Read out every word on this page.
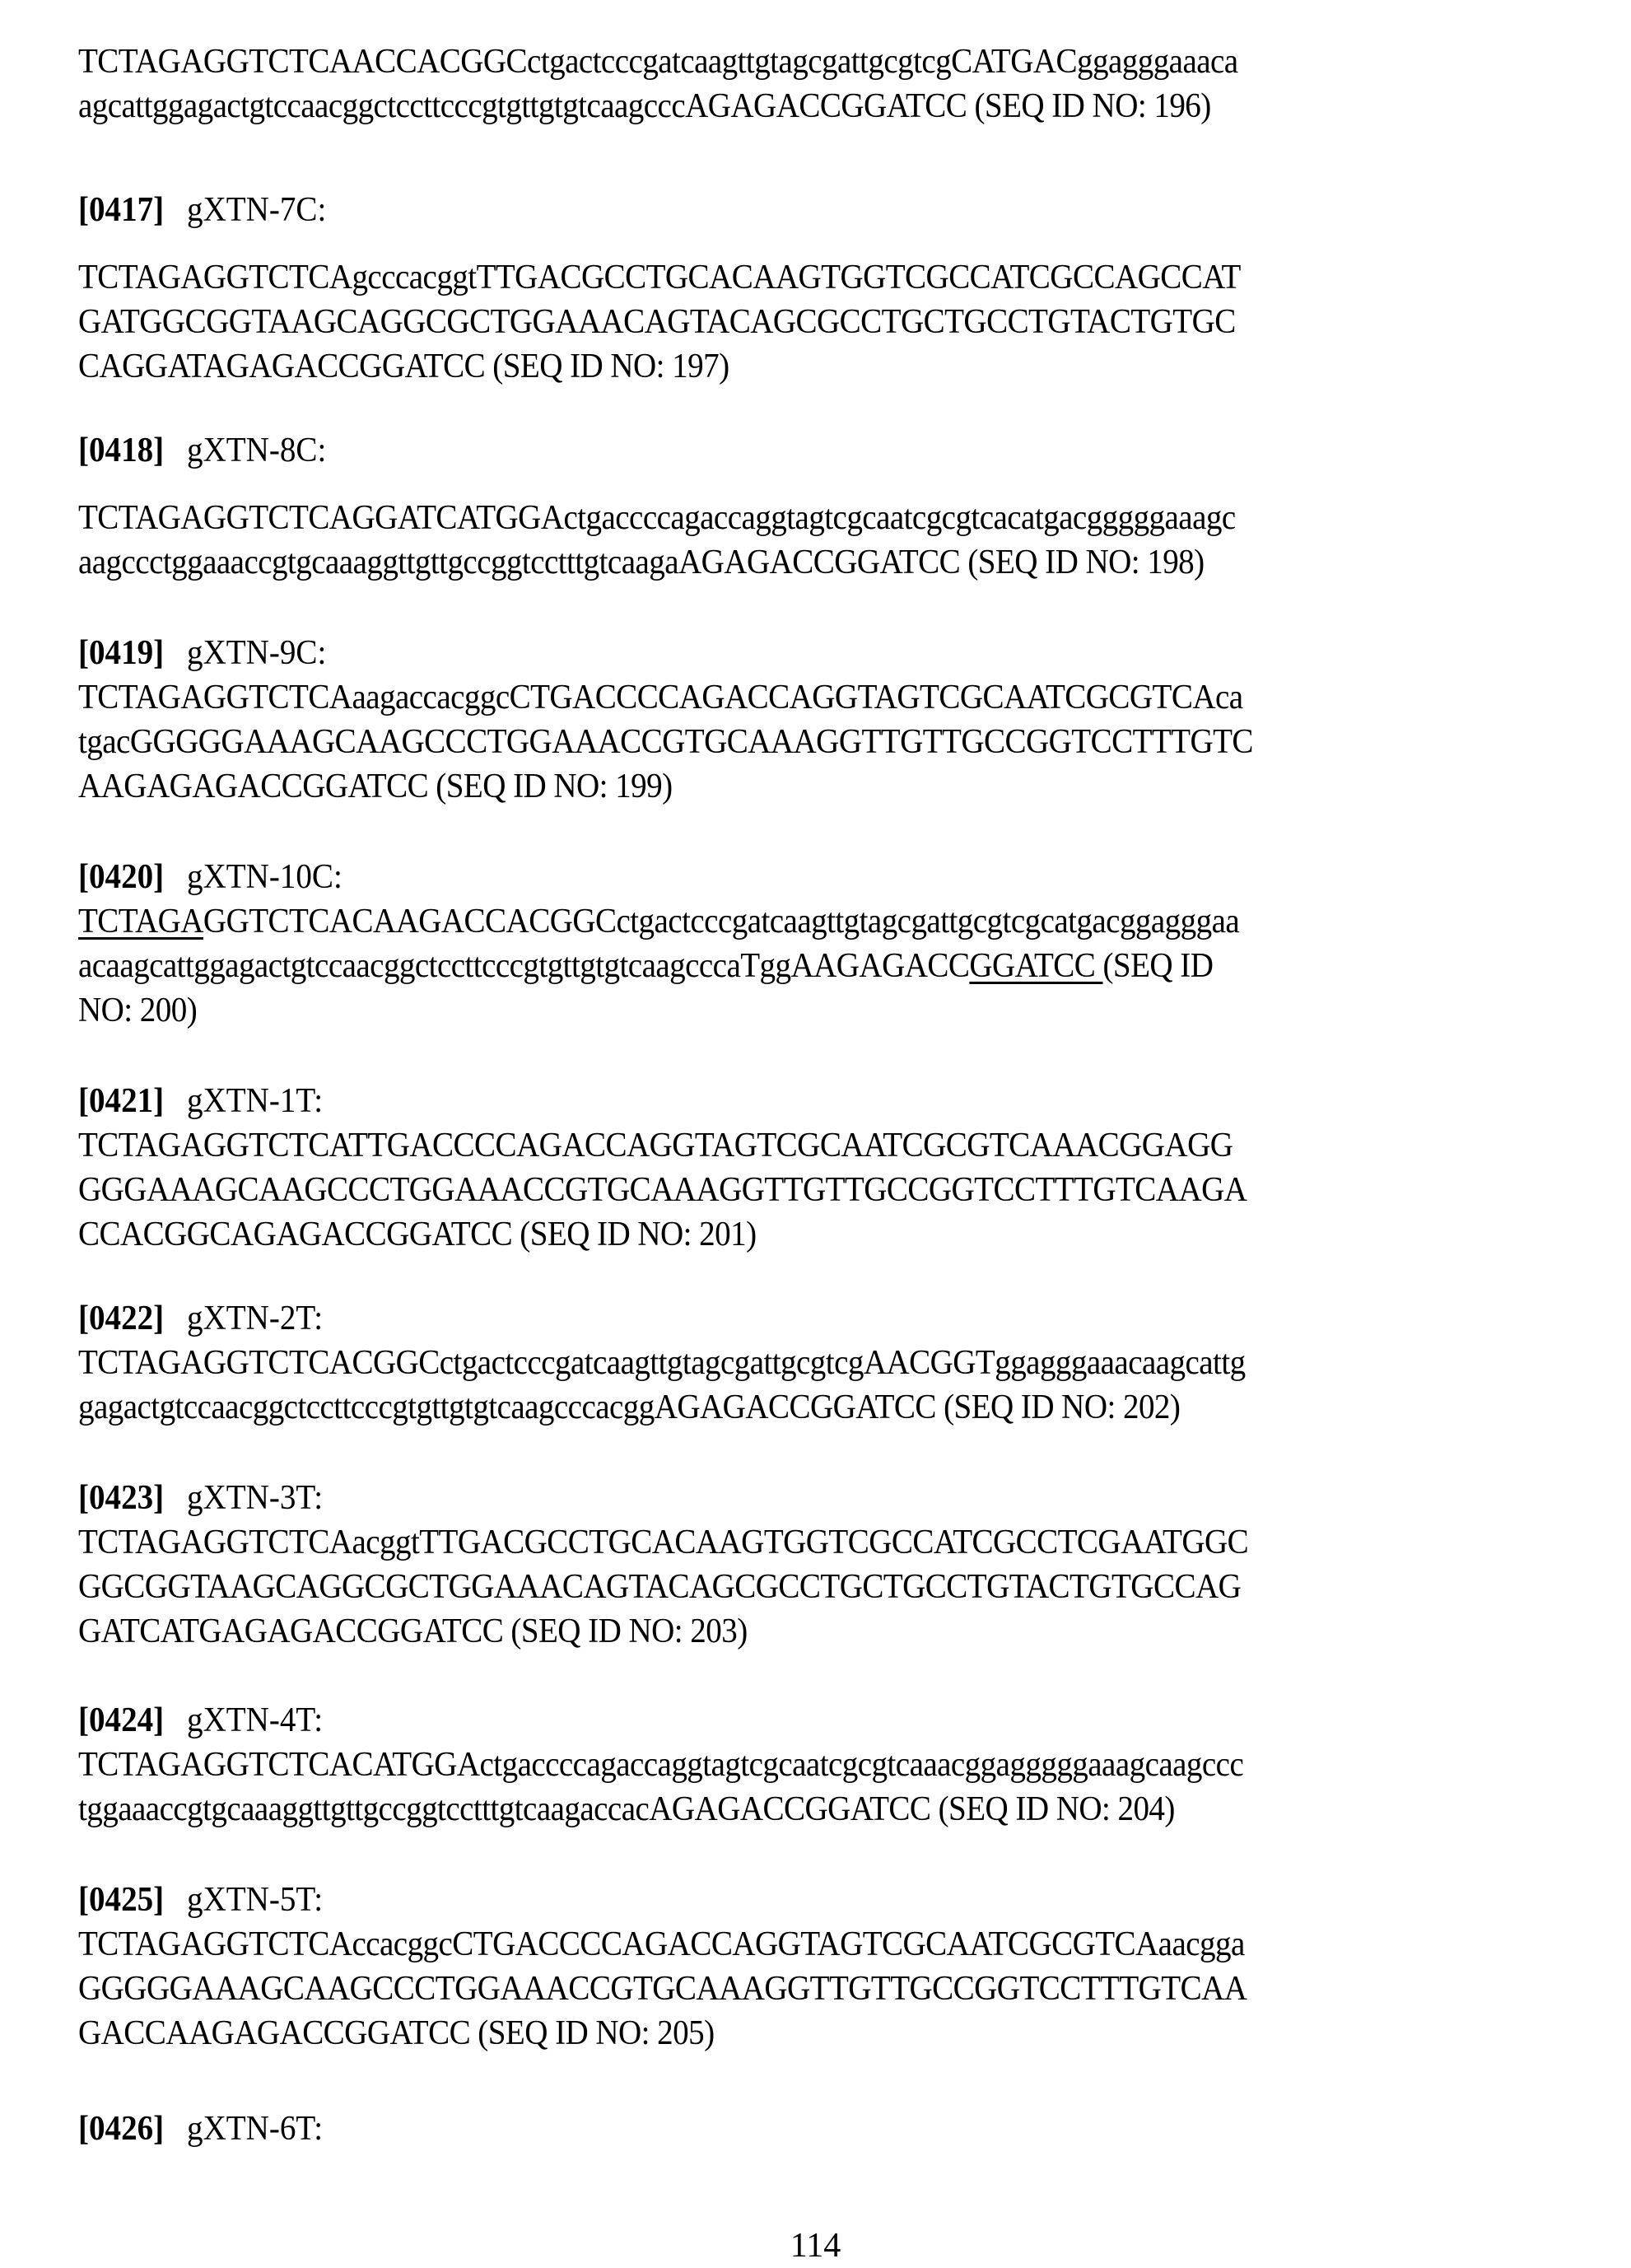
TCTAGAGGTCTCAACCACGGCctgactcccgatcaagttgtagcgattgcgtcgCATGACggagggaaaca
agcattggagactgtccaacggctccttcccgtgttgtgtcaagcccAGAGACCGGATCC (SEQ ID NO: 196)
[0417] gXTN-7C:
TCTAGAGGTCTCAgcccacggtTTGACGCCTGCACAAGTGGTCGCCATCGCCAGCCAT
GATGGCGGTAAGCAGGCGCTGGAAACAGTACAGCGCCTGCTGCCTGTACTGTGC
CAGGATAGAGACCGGATCC (SEQ ID NO: 197)
[0418] gXTN-8C:
TCTAGAGGTCTCAGGATCATGGActgaccccagaccaggtagtcgcaatcgcgtcacatgacgggggaaagc
aagccctggaaaccgtgcaaaggttgttgccggtcctttgtcaagaAGAGACCGGATCC (SEQ ID NO: 198)
[0419] gXTN-9C:
TCTAGAGGTCTCAaagaccacggcCTGACCCCAGACCAGGTAGTCGCAATCGCGTCAca
tgacGGGGGAAAGCAAGCCCTGGAAACCGTGCAAAGGTTGTTGCCGGTCCTTTGTC
AAGAGAGACCGGATCC (SEQ ID NO: 199)
[0420] gXTN-10C:
TCTAGAGGTCTCACAAGACCACGGCctgactcccgatcaagttgtagcgattgcgtcgcatgacggagggaa
acaagcattggagactgtccaacggctccttcccgtgttgtgtcaagcccaTggAAGAGACCGGATCC (SEQ ID
NO: 200)
[0421] gXTN-1T:
TCTAGAGGTCTCATTGACCCCAGACCAGGTAGTCGCAATCGCGTCAAACGGAGG
GGGAAAGCAAGCCCTGGAAACCGTGCAAAGGTTGTTGCCGGTCCTTTGTCAAGA
CCACGGCAGAGACCGGATCC (SEQ ID NO: 201)
[0422] gXTN-2T:
TCTAGAGGTCTCACGGCctgactcccgatcaagttgtagcgattgcgtcgAACGGTggagggaaacaagcattg
gagactgtccaacggctccttcccgtgttgtgtcaagcccacggAGAGACCGGATCC (SEQ ID NO: 202)
[0423] gXTN-3T:
TCTAGAGGTCTCAacggtTTGACGCCTGCACAAGTGGTCGCCATCGCCTCGAATGGC
GGCGGTAAGCAGGCGCTGGAAACAGTACAGCGCCTGCTGCCTGTACTGTGCCAG
GATCATGAGAGACCGGATCC (SEQ ID NO: 203)
[0424] gXTN-4T:
TCTAGAGGTCTCACATGGActgaccccagaccaggtagtcgcaatcgcgtcaaacggagggggaaagcaagccc
tggaaaccgtgcaaaggttgttgccggtcctttgtcaagaccacAGAGACCGGATCC (SEQ ID NO: 204)
[0425] gXTN-5T:
TCTAGAGGTCTCAccacggcCTGACCCCAGACCAGGTAGTCGCAATCGCGTCAaacgga
GGGGGAAAGCAAGCCCTGGAAACCGTGCAAAGGTTGTTGCCGGTCCTTTGTCAA
GACCAAGAGACCGGATCC (SEQ ID NO: 205)
[0426] gXTN-6T:
114
